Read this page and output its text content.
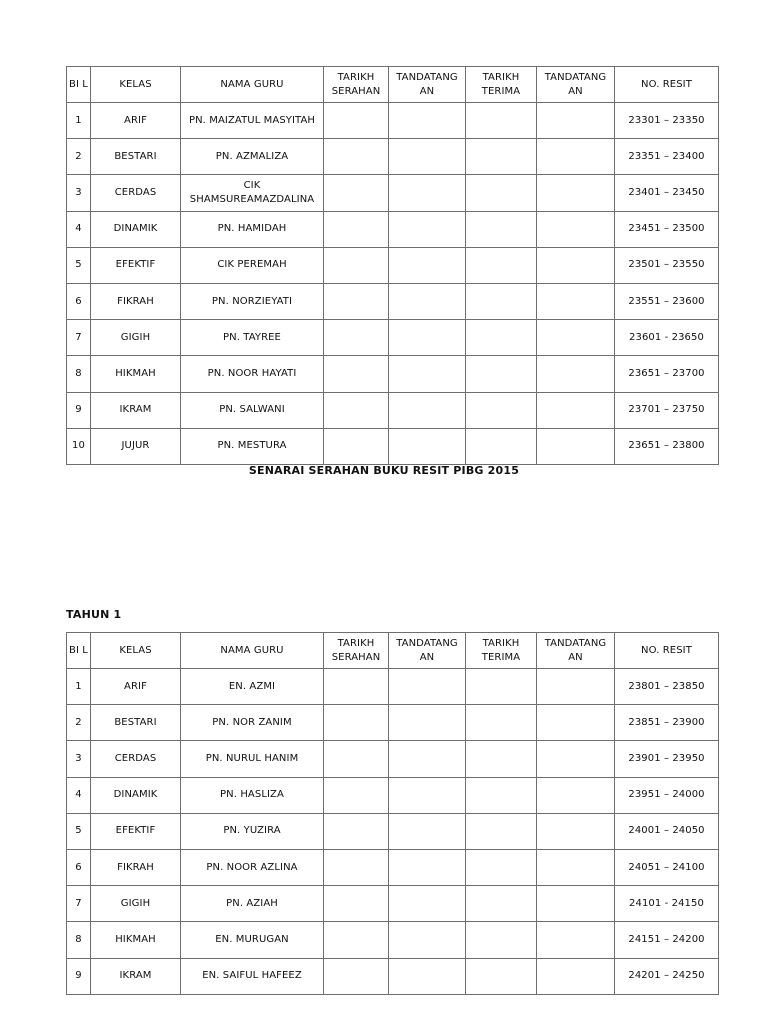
BI L	KELAS	NAMA GURU	TARIKH SERAHAN	TANDATANG AN	TARIKH TERIMA	TANDATANG AN	NO. RESIT
1	ARIF	PN. MAIZATUL MASYITAH					23301 – 23350
2	BESTARI	PN. AZMALIZA					23351 – 23400
3	CERDAS	CIK SHAMSUREAMAZDALINA					23401 – 23450
4	DINAMIK	PN. HAMIDAH					23451 – 23500
5	EFEKTIF	CIK PEREMAH					23501 – 23550
6	FIKRAH	PN. NORZIEYATI					23551 – 23600
7	GIGIH	PN. TAYREE					23601 - 23650
8	HIKMAH	PN. NOOR HAYATI					23651 – 23700
9	IKRAM	PN. SALWANI					23701 – 23750
10	JUJUR	PN. MESTURA					23651 – 23800
SENARAI SERAHAN BUKU RESIT PIBG 2015
TAHUN 1
BI L	KELAS	NAMA GURU	TARIKH SERAHAN	TANDATANG AN	TARIKH TERIMA	TANDATANG AN	NO. RESIT
1	ARIF	EN. AZMI					23801 – 23850
2	BESTARI	PN. NOR ZANIM					23851 – 23900
3	CERDAS	PN. NURUL HANIM					23901 – 23950
4	DINAMIK	PN. HASLIZA					23951 – 24000
5	EFEKTIF	PN. YUZIRA					24001 – 24050
6	FIKRAH	PN. NOOR AZLINA					24051 – 24100
7	GIGIH	PN. AZIAH					24101 - 24150
8	HIKMAH	EN. MURUGAN					24151 – 24200
9	IKRAM	EN. SAIFUL HAFEEZ					24201 – 24250
